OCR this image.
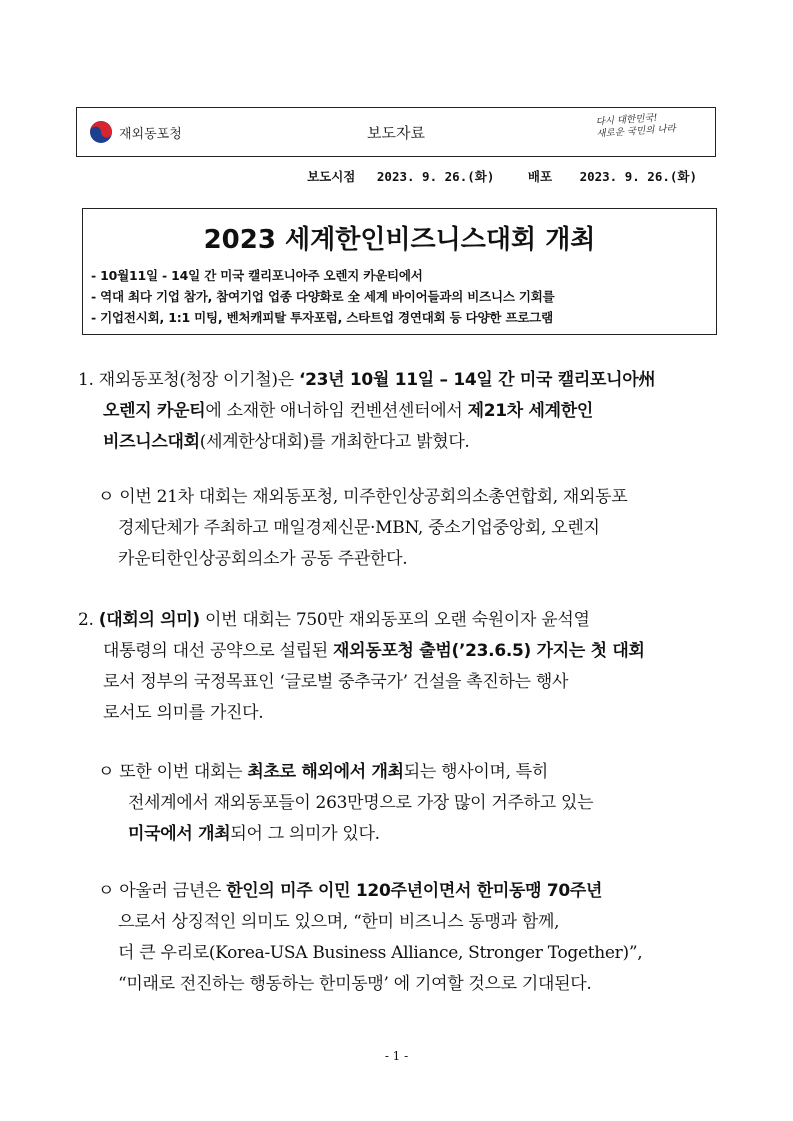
재외동포청	보도자료
다시 대한민국!
새로운 국민의 나라
보도시점 2023. 9. 26.(화)	배포 2023. 9. 26.(화)
2023 세계한인비즈니스대회 개최
- 10월11일 - 14일 간 미국 캘리포니아주 오렌지 카운티에서
- 역대 최다 기업 참가, 참여기업 업종 다양화로 全 세계 바이어들과의 비즈니스 기회를
- 기업전시회, 1:1 미팅, 벤처캐피탈 투자포럼, 스타트업 경연대회 등 다양한 프로그램
1. 재외동포청(청장 이기철)은 ‘23년 10월 11일 – 14일 간 미국 캘리포니아州
오렌지 카운티에 소재한 애너하임 컨벤션센터에서 제21차 세계한인
비즈니스대회(세계한상대회)를 개최한다고 밝혔다.
ㅇ 이번 21차 대회는 재외동포청, 미주한인상공회의소총연합회, 재외동포
경제단체가 주최하고 매일경제신문·MBN, 중소기업중앙회, 오렌지
카운티한인상공회의소가 공동 주관한다.
2. (대회의 의미) 이번 대회는 750만 재외동포의 오랜 숙원이자 윤석열
대통령의 대선 공약으로 설립된 재외동포청 출범(’23.6.5) 가지는 첫 대회
로서 정부의 국정목표인 ‘글로벌 중추국가’ 건설을 촉진하는 행사
로서도 의미를 가진다.
ㅇ 또한 이번 대회는 최초로 해외에서 개최되는 행사이며, 특히
전세계에서 재외동포들이 263만명으로 가장 많이 거주하고 있는
미국에서 개최되어 그 의미가 있다.
ㅇ 아울러 금년은 한인의 미주 이민 120주년이면서 한미동맹 70주년
으로서 상징적인 의미도 있으며, “한미 비즈니스 동맹과 함께,
더 큰 우리로(Korea-USA Business Alliance, Stronger Together)”,
“미래로 전진하는 행동하는 한미동맹’ 에 기여할 것으로 기대된다.
- 1 -
